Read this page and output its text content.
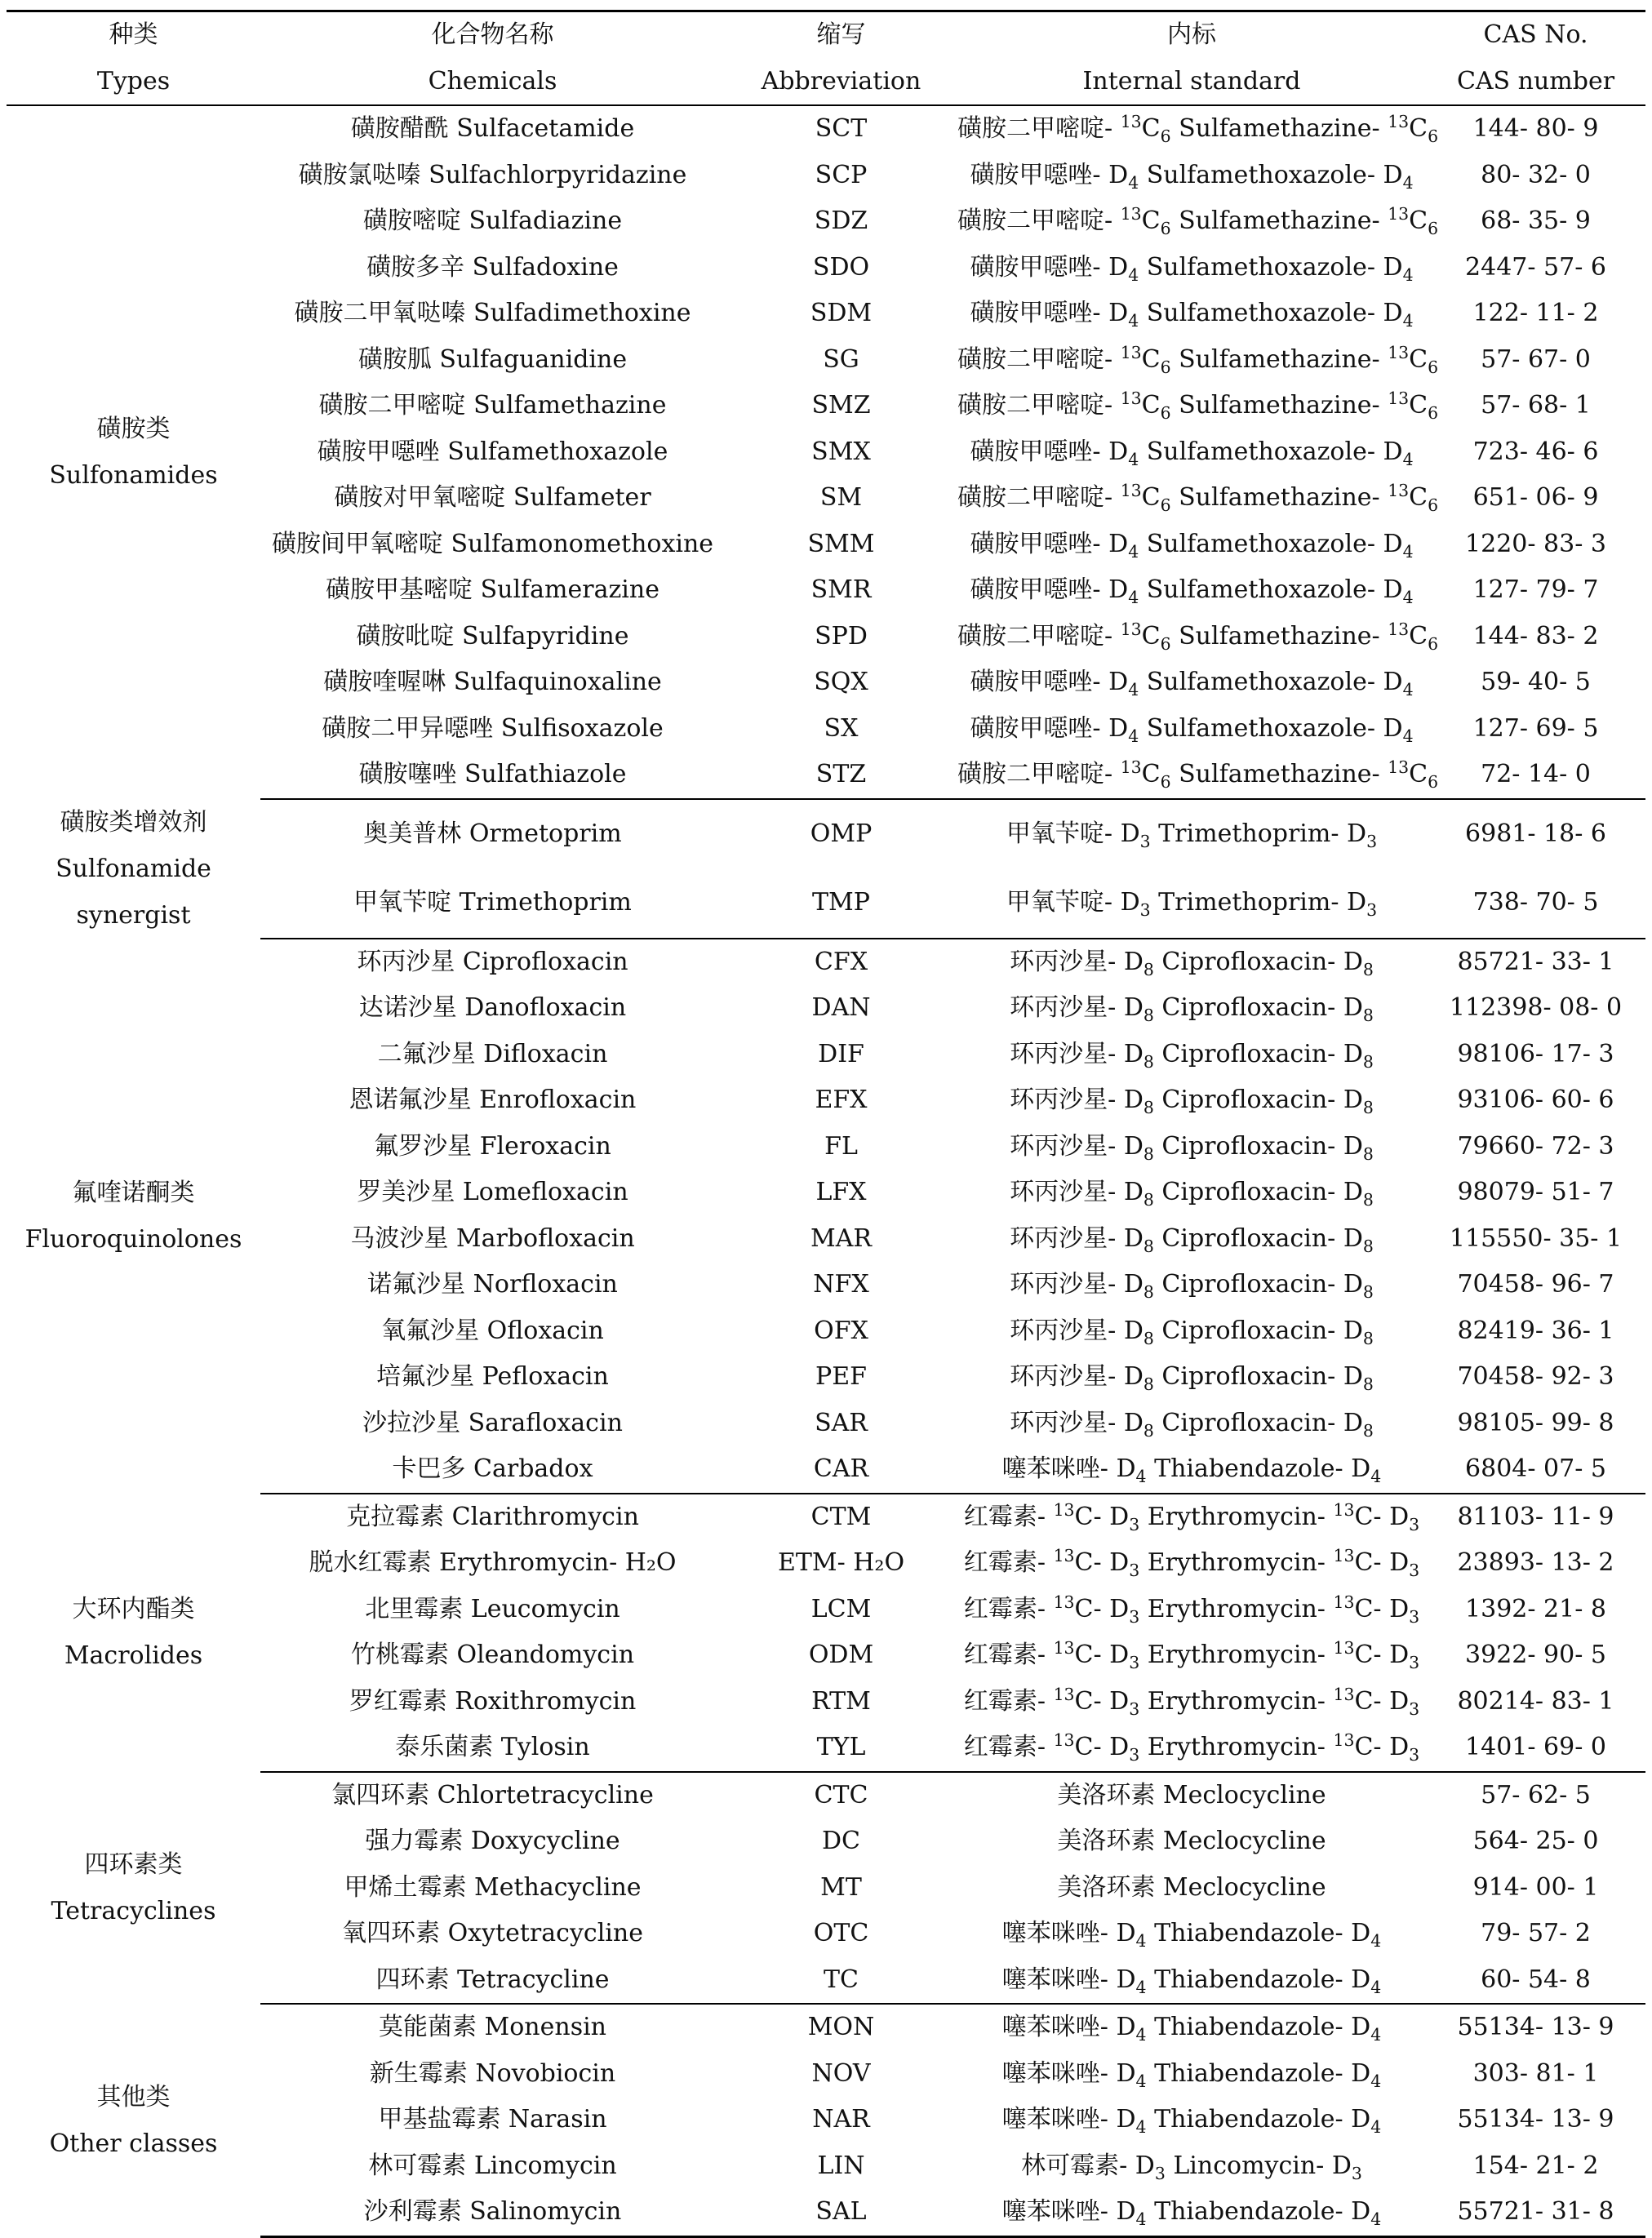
种类	化合物名称	缩写	内标	CAS No.
Types	Chemicals	Abbreviation	Internal standard	CAS number

磺胺类
Sulfonamides	磺胺醋酰 Sulfacetamide	SCT	磺胺二甲嘧啶- $^{13}C_6$ Sulfamethazine- $^{13}C_6$	144- 80- 9
	磺胺氯哒嗪 Sulfachlorpyridazine	SCP	磺胺甲噁唑- $D_4$ Sulfamethoxazole- $D_4$	80- 32- 0
	磺胺嘧啶 Sulfadiazine	SDZ	磺胺二甲嘧啶- $^{13}C_6$ Sulfamethazine- $^{13}C_6$	68- 35- 9
	磺胺多辛 Sulfadoxine	SDO	磺胺甲噁唑- $D_4$ Sulfamethoxazole- $D_4$	2447- 57- 6
	磺胺二甲氧哒嗪 Sulfadimethoxine	SDM	磺胺甲噁唑- $D_4$ Sulfamethoxazole- $D_4$	122- 11- 2
	磺胺胍 Sulfaguanidine	SG	磺胺二甲嘧啶- $^{13}C_6$ Sulfamethazine- $^{13}C_6$	57- 67- 0
	磺胺二甲嘧啶 Sulfamethazine	SMZ	磺胺二甲嘧啶- $^{13}C_6$ Sulfamethazine- $^{13}C_6$	57- 68- 1
	磺胺甲噁唑 Sulfamethoxazole	SMX	磺胺甲噁唑- $D_4$ Sulfamethoxazole- $D_4$	723- 46- 6
	磺胺对甲氧嘧啶 Sulfameter	SM	磺胺二甲嘧啶- $^{13}C_6$ Sulfamethazine- $^{13}C_6$	651- 06- 9
	磺胺间甲氧嘧啶 Sulfamonomethoxine	SMM	磺胺甲噁唑- $D_4$ Sulfamethoxazole- $D_4$	1220- 83- 3
	磺胺甲基嘧啶 Sulfamerazine	SMR	磺胺甲噁唑- $D_4$ Sulfamethoxazole- $D_4$	127- 79- 7
	磺胺吡啶 Sulfapyridine	SPD	磺胺二甲嘧啶- $^{13}C_6$ Sulfamethazine- $^{13}C_6$	144- 83- 2
	磺胺喹喔啉 Sulfaquinoxaline	SQX	磺胺甲噁唑- $D_4$ Sulfamethoxazole- $D_4$	59- 40- 5
	磺胺二甲异噁唑 Sulfisoxazole	SX	磺胺甲噁唑- $D_4$ Sulfamethoxazole- $D_4$	127- 69- 5
	磺胺噻唑 Sulfathiazole	STZ	磺胺二甲嘧啶- $^{13}C_6$ Sulfamethazine- $^{13}C_6$	72- 14- 0

磺胺类增效剂
Sulfonamide synergist	奥美普林 Ormetoprim	OMP	甲氧苄啶- $D_3$ Trimethoprim- $D_3$	6981- 18- 6
	甲氧苄啶 Trimethoprim	TMP	甲氧苄啶- $D_3$ Trimethoprim- $D_3$	738- 70- 5

氟喹诺酮类
Fluoroquinolones	环丙沙星 Ciprofloxacin	CFX	环丙沙星- $D_8$ Ciprofloxacin- $D_8$	85721- 33- 1
	达诺沙星 Danofloxacin	DAN	环丙沙星- $D_8$ Ciprofloxacin- $D_8$	112398- 08- 0
	二氟沙星 Difloxacin	DIF	环丙沙星- $D_8$ Ciprofloxacin- $D_8$	98106- 17- 3
	恩诺氟沙星 Enrofloxacin	EFX	环丙沙星- $D_8$ Ciprofloxacin- $D_8$	93106- 60- 6
	氟罗沙星 Fleroxacin	FL	环丙沙星- $D_8$ Ciprofloxacin- $D_8$	79660- 72- 3
	罗美沙星 Lomefloxacin	LFX	环丙沙星- $D_8$ Ciprofloxacin- $D_8$	98079- 51- 7
	马波沙星 Marbofloxacin	MAR	环丙沙星- $D_8$ Ciprofloxacin- $D_8$	115550- 35- 1
	诺氟沙星 Norfloxacin	NFX	环丙沙星- $D_8$ Ciprofloxacin- $D_8$	70458- 96- 7
	氧氟沙星 Ofloxacin	OFX	环丙沙星- $D_8$ Ciprofloxacin- $D_8$	82419- 36- 1
	培氟沙星 Pefloxacin	PEF	环丙沙星- $D_8$ Ciprofloxacin- $D_8$	70458- 92- 3
	沙拉沙星 Sarafloxacin	SAR	环丙沙星- $D_8$ Ciprofloxacin- $D_8$	98105- 99- 8
	卡巴多 Carbadox	CAR	噻苯咪唑- $D_4$ Thiabendazole- $D_4$	6804- 07- 5

大环内酯类
Macrolides	克拉霉素 Clarithromycin	CTM	红霉素- $^{13}$C- $D_3$ Erythromycin- $^{13}$C- $D_3$	81103- 11- 9
	脱水红霉素 Erythromycin- H₂O	ETM- H₂O	红霉素- $^{13}$C- $D_3$ Erythromycin- $^{13}$C- $D_3$	23893- 13- 2
	北里霉素 Leucomycin	LCM	红霉素- $^{13}$C- $D_3$ Erythromycin- $^{13}$C- $D_3$	1392- 21- 8
	竹桃霉素 Oleandomycin	ODM	红霉素- $^{13}$C- $D_3$ Erythromycin- $^{13}$C- $D_3$	3922- 90- 5
	罗红霉素 Roxithromycin	RTM	红霉素- $^{13}$C- $D_3$ Erythromycin- $^{13}$C- $D_3$	80214- 83- 1
	泰乐菌素 Tylosin	TYL	红霉素- $^{13}$C- $D_3$ Erythromycin- $^{13}$C- $D_3$	1401- 69- 0

四环素类
Tetracyclines	氯四环素 Chlortetracycline	CTC	美洛环素 Meclocycline	57- 62- 5
	强力霉素 Doxycycline	DC	美洛环素 Meclocycline	564- 25- 0
	甲烯土霉素 Methacycline	MT	美洛环素 Meclocycline	914- 00- 1
	氧四环素 Oxytetracycline	OTC	噻苯咪唑- $D_4$ Thiabendazole- $D_4$	79- 57- 2
	四环素 Tetracycline	TC	噻苯咪唑- $D_4$ Thiabendazole- $D_4$	60- 54- 8

其他类
Other classes	莫能菌素 Monensin	MON	噻苯咪唑- $D_4$ Thiabendazole- $D_4$	55134- 13- 9
	新生霉素 Novobiocin	NOV	噻苯咪唑- $D_4$ Thiabendazole- $D_4$	303- 81- 1
	甲基盐霉素 Narasin	NAR	噻苯咪唑- $D_4$ Thiabendazole- $D_4$	55134- 13- 9
	林可霉素 Lincomycin	LIN	林可霉素- $D_3$ Lincomycin- $D_3$	154- 21- 2
	沙利霉素 Salinomycin	SAL	噻苯咪唑- $D_4$ Thiabendazole- $D_4$	55721- 31- 8
